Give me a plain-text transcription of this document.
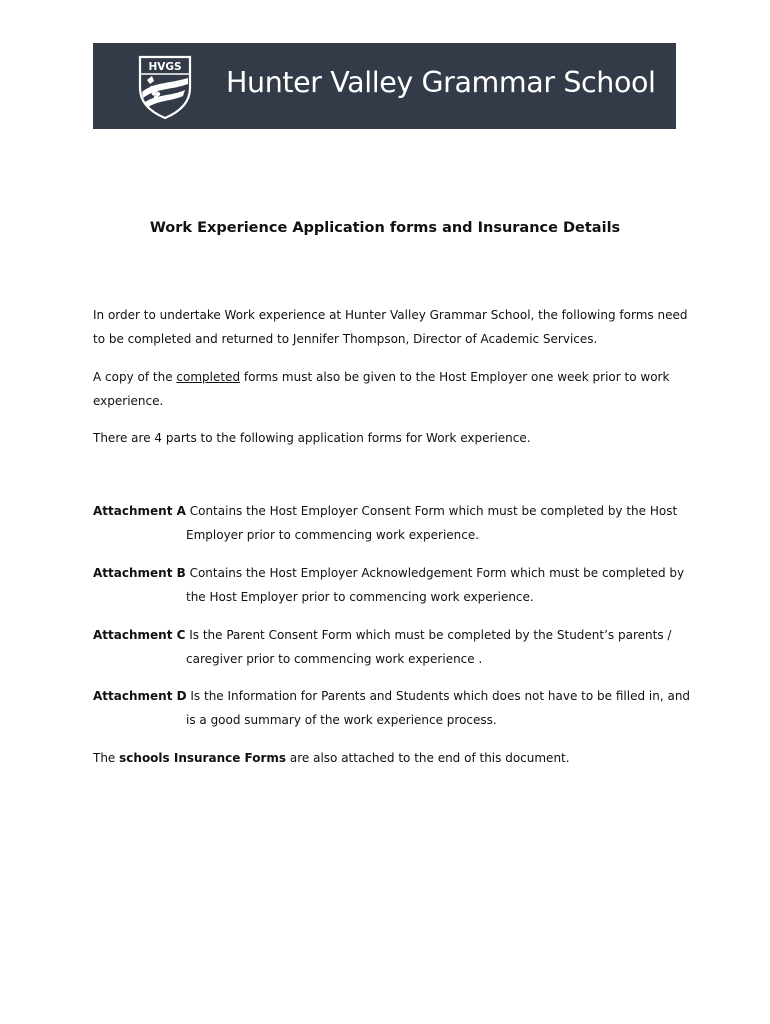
HVGS Hunter Valley Grammar School
Work Experience Application forms and Insurance Details

In order to undertake Work experience at Hunter Valley Grammar School, the following forms need

to be completed and returned to Jennifer Thompson, Director of Academic Services.

A copy of the completed forms must also be given to the Host Employer one week prior to work

experience.

There are 4 parts to the following application forms for Work experience.

Attachment A Contains the Host Employer Consent Form which must be completed by the Host
Employer prior to commencing work experience.
Attachment B Contains the Host Employer Acknowledgement Form which must be completed by
the Host Employer prior to commencing work experience.
Attachment C Is the Parent Consent Form which must be completed by the Student’s parents /
caregiver prior to commencing work experience .
Attachment D Is the Information for Parents and Students which does not have to be filled in, and
is a good summary of the work experience process.

The schools Insurance Forms are also attached to the end of this document.
